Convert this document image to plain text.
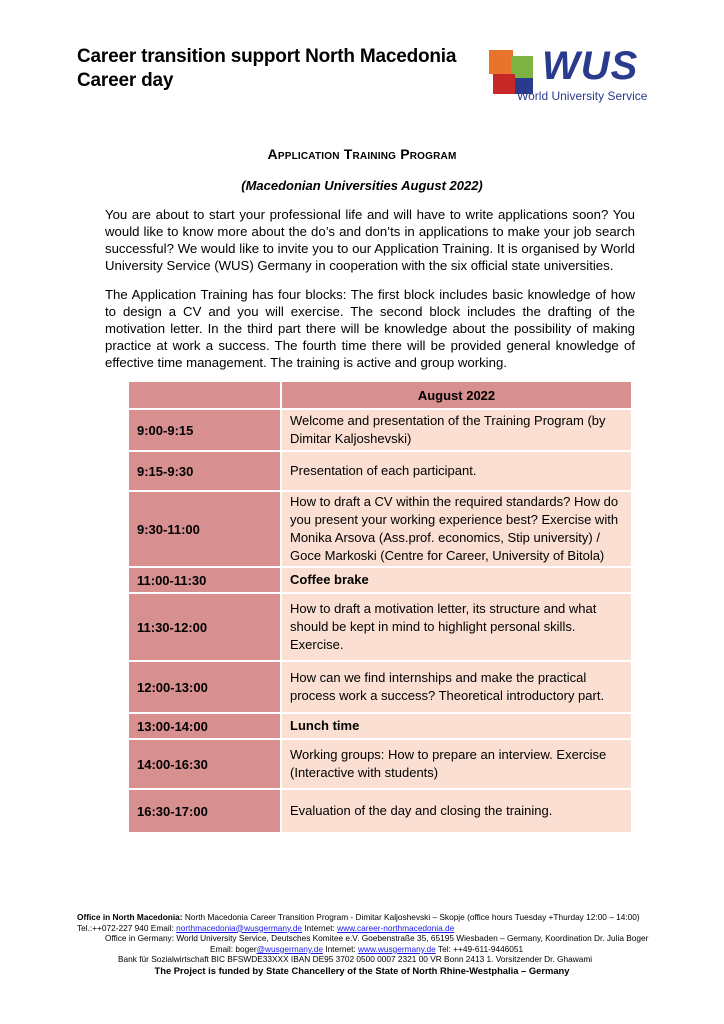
Career transition support North Macedonia
Career day	WUS
World University Service
Application Training Program
(Macedonian Universities August 2022)
You are about to start your professional life and will have to write applications soon? You would like to know more about the do’s and don’ts in applications to make your job search successful? We would like to invite you to our Application Training. It is organised by World University Service (WUS) Germany in cooperation with the six official state universities.
The Application Training has four blocks: The first block includes basic knowledge of how to design a CV and you will exercise. The second block includes the drafting of the motivation letter. In the third part there will be knowledge about the possibility of making practice at work a success. The fourth time there will be provided general knowledge of effective time management. The training is active and group working.
	August 2022
9:00-9:15	Welcome and presentation of the Training Program (by Dimitar Kaljoshevski)
9:15-9:30	Presentation of each participant.
9:30-11:00	How to draft a CV within the required standards? How do you present your working experience best? Exercise with Monika Arsova (Ass.prof. economics, Stip university) / Goce Markoski (Centre for Career, University of Bitola)
11:00-11:30	Coffee brake
11:30-12:00	How to draft a motivation letter, its structure and what should be kept in mind to highlight personal skills. Exercise.
12:00-13:00	How can we find internships and make the practical process work a success? Theoretical introductory part.
13:00-14:00	Lunch time
14:00-16:30	Working groups: How to prepare an interview. Exercise (Interactive with students)
16:30-17:00	Evaluation of the day and closing the training.
Office in North Macedonia: North Macedonia Career Transition Program - Dimitar Kaljoshevski – Skopje (office hours Tuesday +Thurday 12:00 – 14:00)
Tel.:++072-227 940 Email: northmacedonia@wusgermany.de Internet: www.career-northmacedonia.de
Office in Germany: World University Service, Deutsches Komitee e.V. Goebenstraße 35, 65195 Wiesbaden – Germany, Koordination Dr. Julia Boger
Email: boger@wusgermany.de Internet: www.wusgermany.de Tel: ++49-611-9446051
Bank für Sozialwirtschaft BIC BFSWDE33XXX IBAN DE95 3702 0500 0007 2321 00 VR Bonn 2413 1. Vorsitzender Dr. Ghawami
The Project is funded by State Chancellery of the State of North Rhine-Westphalia – Germany
